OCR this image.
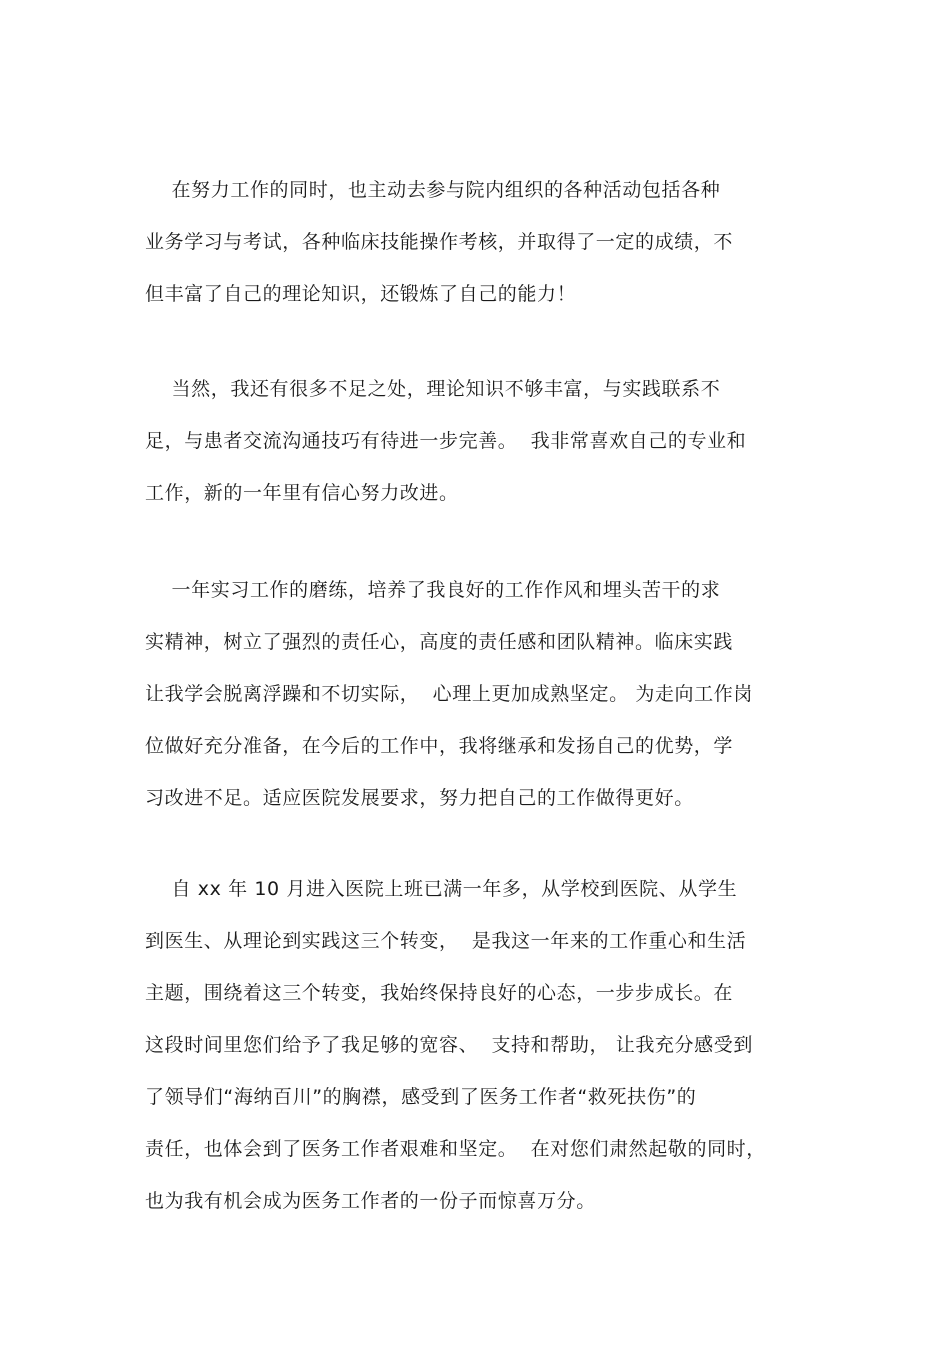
在努力工作的同时，也主动去参与院内组织的各种活动包括各种
业务学习与考试，各种临床技能操作考核，并取得了一定的成绩，不
但丰富了自己的理论知识，还锻炼了自己的能力！
当然，我还有很多不足之处，理论知识不够丰富，与实践联系不
足，与患者交流沟通技巧有待进一步完善。  我非常喜欢自己的专业和
工作，新的一年里有信心努力改进。
一年实习工作的磨练，培养了我良好的工作作风和埋头苦干的求
实精神，树立了强烈的责任心，高度的责任感和团队精神。临床实践
让我学会脱离浮躁和不切实际，  心理上更加成熟坚定。 为走向工作岗
位做好充分准备，在今后的工作中，我将继承和发扬自己的优势，学
习改进不足。适应医院发展要求，努力把自己的工作做得更好。
自 xx 年 10 月进入医院上班已满一年多，从学校到医院、从学生
到医生、从理论到实践这三个转变，  是我这一年来的工作重心和生活
主题，围绕着这三个转变，我始终保持良好的心态，一步步成长。在
这段时间里您们给予了我足够的宽容、  支持和帮助， 让我充分感受到
了领导们“海纳百川”的胸襟，感受到了医务工作者“救死扶伤”的
责任，也体会到了医务工作者艰难和坚定。  在对您们肃然起敬的同时，
也为我有机会成为医务工作者的一份子而惊喜万分。
